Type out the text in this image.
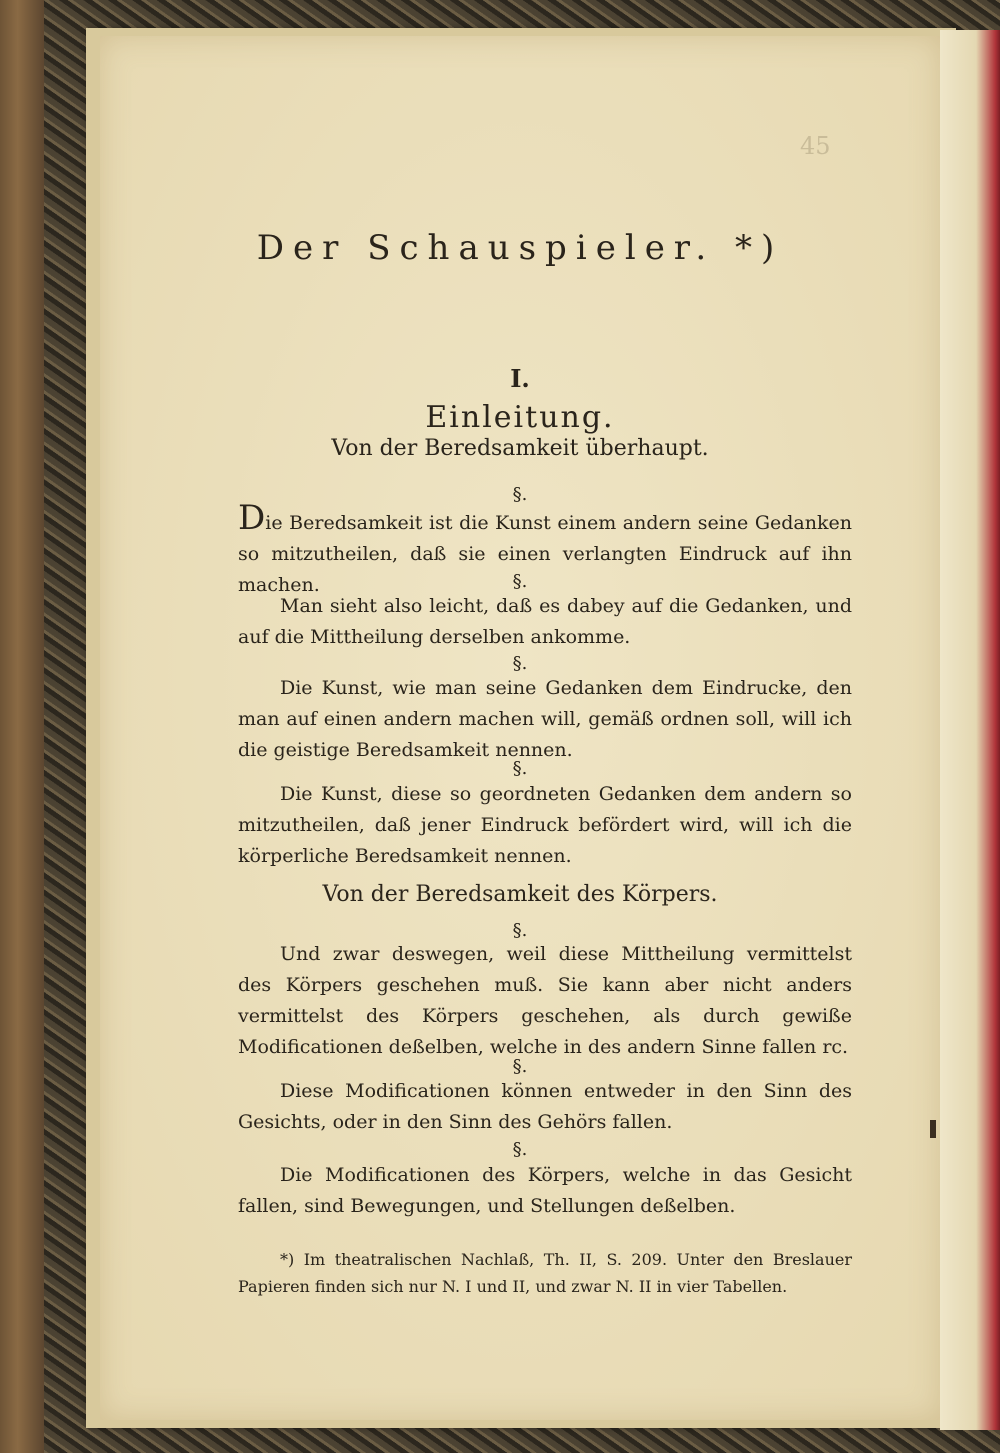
45
Der Schauspieler. *)
I.
Einleitung.
Von der Beredsamkeit überhaupt.
§.
Die Beredsamkeit ist die Kunst einem andern seine Gedanken so mitzutheilen, daß sie einen verlangten Eindruck auf ihn machen.	§.
Man sieht also leicht, daß es dabey auf die Gedanken, und auf die Mittheilung derselben ankomme.
§.
Die Kunst, wie man seine Gedanken dem Eindrucke, den man auf einen andern machen will, gemäß ordnen soll, will ich die geistige Beredsamkeit nennen.
§.
Die Kunst, diese so geordneten Gedanken dem andern so mitzutheilen, daß jener Eindruck befördert wird, will ich die körperliche Beredsamkeit nennen.
Von der Beredsamkeit des Körpers.
§.
Und zwar deswegen, weil diese Mittheilung vermittelst des Körpers geschehen muß. Sie kann aber nicht anders vermittelst des Körpers geschehen, als durch gewiße Modificationen deßelben, welche in des andern Sinne fallen rc.
§.
Diese Modificationen können entweder in den Sinn des Gesichts, oder in den Sinn des Gehörs fallen.
§.
Die Modificationen des Körpers, welche in das Gesicht fallen, sind Bewegungen, und Stellungen deßelben.
*) Im theatralischen Nachlaß, Th. II, S. 209. Unter den Breslauer Papieren finden sich nur N. I und II, und zwar N. II in vier Tabellen.
